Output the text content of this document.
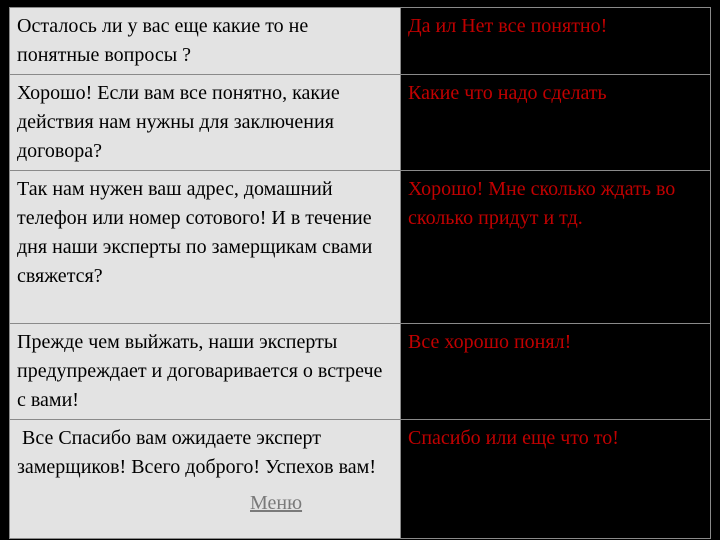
Осталось ли у вас еще какие то не понятные вопросы ?	Да ил Нет все понятно!
Хорошо! Если вам все понятно, какие действия нам нужны для заключения договора?	Какие что надо сделать
Так нам нужен ваш адрес, домашний телефон или номер сотового! И в течение дня наши эксперты по замерщикам свами свяжется?	Хорошо! Мне сколько ждать во сколько придут и тд.
Прежде чем выйжать, наши эксперты предупреждает и договаривается о встрече с вами!	Все хорошо понял!
Все Спасибо вам ожидаете эксперт замерщиков! Всего доброго! Успехов вам!	Спасибо или еще что то!
Меню
